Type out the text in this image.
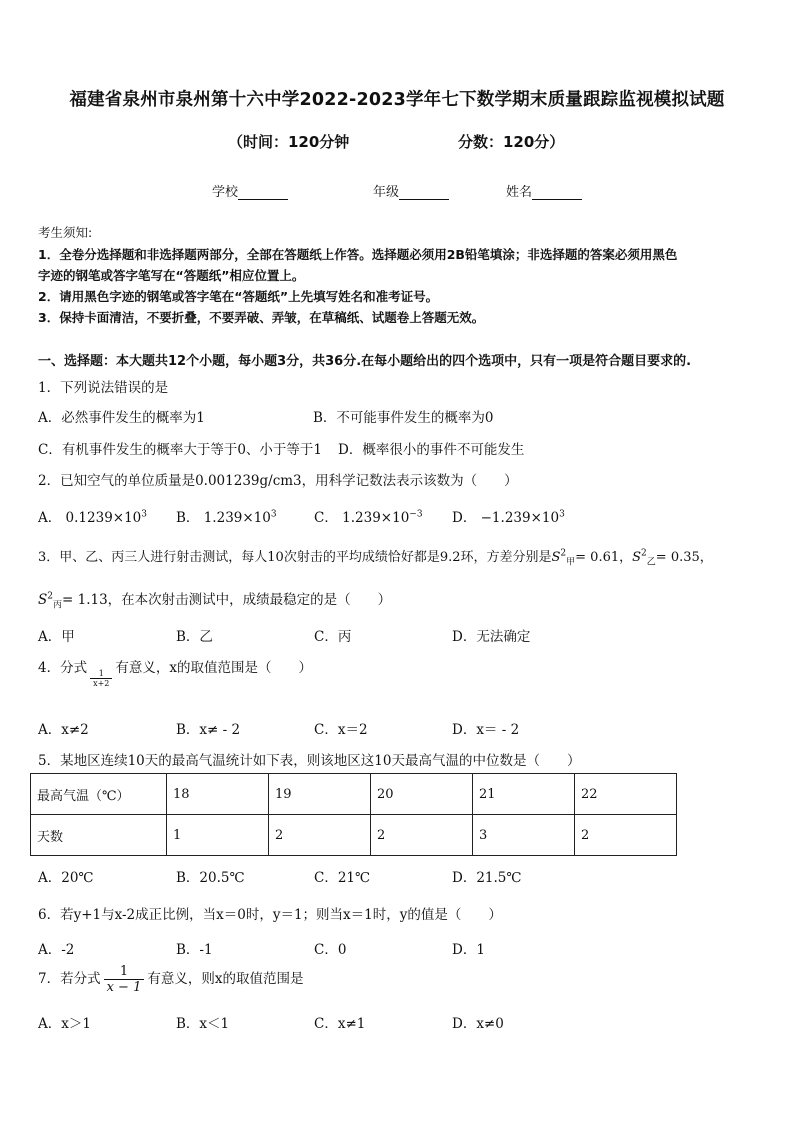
福建省泉州市泉州第十六中学2022-2023学年七下数学期末质量跟踪监视模拟试题
（时间：120分钟	分数：120分）
学校	年级	姓名
考生须知:
1．全卷分选择题和非选择题两部分，全部在答题纸上作答。选择题必须用2B铅笔填涂；非选择题的答案必须用黑色
字迹的钢笔或答字笔写在“答题纸”相应位置上。
2．请用黑色字迹的钢笔或答字笔在“答题纸”上先填写姓名和准考证号。
3．保持卡面清洁，不要折叠，不要弄破、弄皱，在草稿纸、试题卷上答题无效。
一、选择题：本大题共12个小题，每小题3分，共36分.在每小题给出的四个选项中，只有一项是符合题目要求的.
1．下列说法错误的是
A．必然事件发生的概率为1	B．不可能事件发生的概率为0
C．有机事件发生的概率大于等于0、小于等于1 D．概率很小的事件不可能发生
2．已知空气的单位质量是0.001239g/cm3，用科学记数法表示该数为（　　）
A． $0.1239\times 10^3$ B． $1.239\times 10^3$	C． $1.239\times 10^{-3}$ D． $-1.239\times 10^3$
3．甲、乙、丙三人进行射击测试，每人10次射击的平均成绩恰好都是9.2环，方差分别是$S^2_甲= 0.61$，$S^2_乙= 0.35$，
$S^2_丙= 1.13$，在本次射击测试中，成绩最稳定的是（　　）
A．甲	B．乙	C．丙	D．无法确定
4．分式
$\frac{1}{x+2}$
有意义，x的取值范围是（　　）
A．x≠2	B．x≠ - 2	C．x＝2	D．x＝ - 2
5．某地区连续10天的最高气温统计如下表，则该地区这10天最高气温的中位数是（　　）
最高气温（℃）	18	19	20	21	22
天数	1	2	2	3	2
A．20℃	B．20.5℃	C．21℃	D．21.5℃
6．若y+1与x-2成正比例，当x＝0时，y＝1；则当x＝1时，y的值是（　　）
A．-2	B．-1	C．0	D．1
7．若分式 $\frac{1}{x - 1}$ 有意义，则x的取值范围是
A．x＞1	B．x＜1	C．x≠1	D．x≠0
